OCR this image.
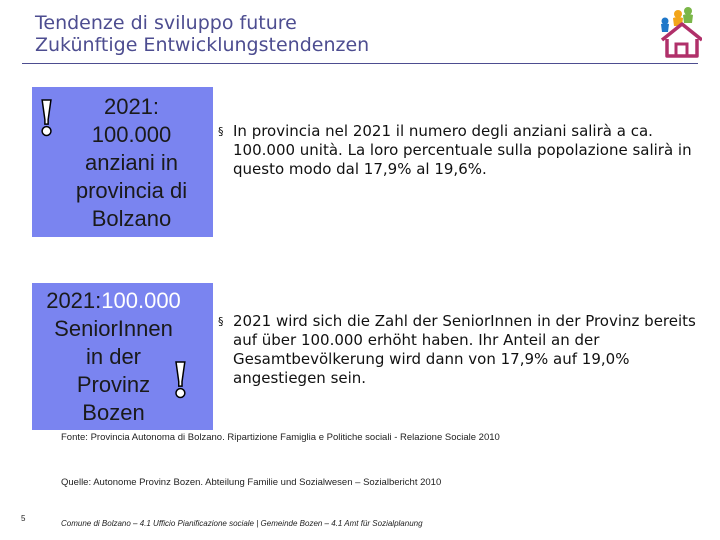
Tendenze di sviluppo future
Zukünftige Entwicklungstendenzen
!	2021:
100.000
anziani in
provincia di
Bolzano
!
2021:100.000
SeniorInnen
in der
Provinz
Bozen
§ In provincia nel 2021 il numero degli anziani salirà a ca. 100.000 unità. La loro percentuale sulla popolazione salirà in questo modo dal 17,9% al 19,6%.
§ 2021 wird sich die Zahl der SeniorInnen in der Provinz bereits auf über 100.000 erhöht haben. Ihr Anteil an der Gesamtbevölkerung wird dann von 17,9% auf 19,0% angestiegen sein.
Fonte: Provincia Autonoma di Bolzano. Ripartizione Famiglia e Politiche sociali - Relazione Sociale 2010
Quelle: Autonome Provinz Bozen. Abteilung Familie und Sozialwesen – Sozialbericht 2010
5
Comune di Bolzano – 4.1 Ufficio Pianificazione sociale | Gemeinde Bozen – 4.1 Amt für Sozialplanung
